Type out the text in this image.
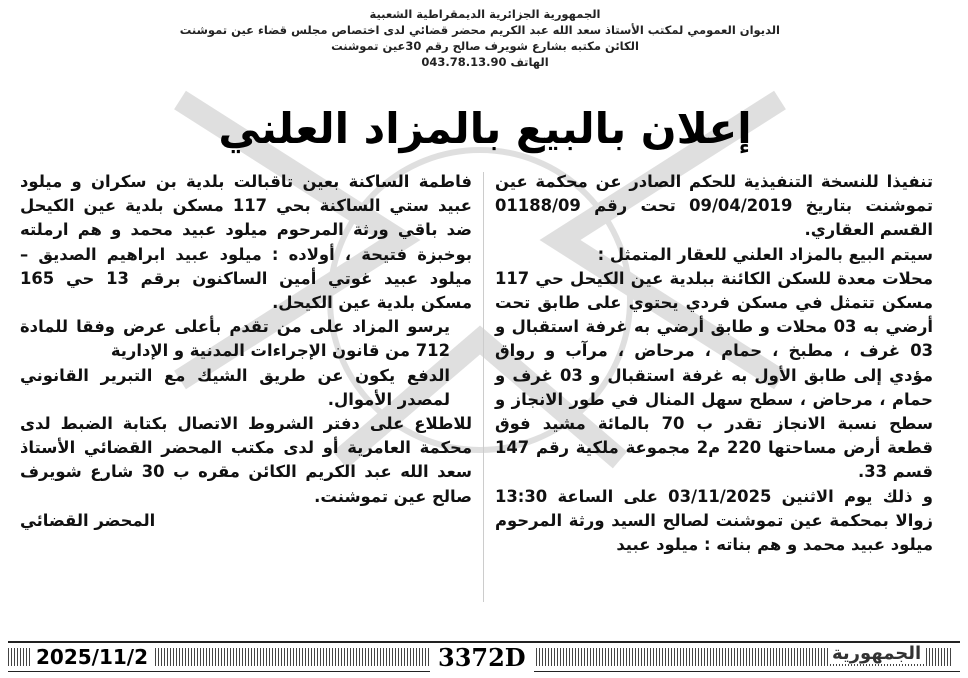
الجمهورية الجزائرية الديمقراطية الشعبية
الديوان العمومي لمكتب الأستاذ سعد الله عبد الكريم محضر قضائي لدى اختصاص مجلس قضاء عين تموشنت
الكائن مكتبه بشارع شويرف صالح رقم 30عين تموشنت
الهاتف 043.78.13.90
إعلان بالبيع بالمزاد العلني

تنفيذا للنسخة التنفيذية للحكم الصادر عن محكمة عين تموشنت بتاريخ 09/04/2019 تحت رقم 01188/09 القسم العقاري.

سيتم البيع بالمزاد العلني للعقار المتمثل :

محلات معدة للسكن الكائنة ببلدية عين الكيحل حي 117 مسكن تتمثل في مسكن فردي يحتوي على طابق تحت أرضي به 03 محلات و طابق أرضي به غرفة استقبال و 03 غرف ، مطبخ ، حمام ، مرحاض ، مرآب و رواق مؤدي إلى طابق الأول به غرفة استقبال و 03 غرف و حمام ، مرحاض ، سطح سهل المنال في طور الانجاز و سطح نسبة الانجاز تقدر ب 70 بالمائة مشيد فوق قطعة أرض مساحتها 220 م2 مجموعة ملكية رقم 147 قسم 33.

و ذلك يوم الاثنين 03/11/2025 على الساعة 13:30 زوالا بمحكمة عين تموشنت لصالح السيد ورثة المرحوم ميلود عبيد محمد و هم بناته : ميلود عبيد

فاطمة الساكنة بعين تاقبالت بلدية بن سكران و ميلود عبيد ستي الساكنة بحي 117 مسكن بلدية عين الكيحل ضد باقي ورثة المرحوم ميلود عبيد محمد و هم ارملته بوخبزة فتيحة ، أولاده : ميلود عبيد ابراهيم الصديق – ميلود عبيد غوتي أمين الساكنون برقم 13 حي 165 مسكن بلدية عين الكيحل.

يرسو المزاد على من تقدم بأعلى عرض وفقا للمادة 712 من قانون الإجراءات المدنية و الإدارية

الدفع يكون عن طريق الشيك مع التبرير القانوني لمصدر الأموال.

للاطلاع على دفتر الشروط الاتصال بكتابة الضبط لدى محكمة العامرية أو لدى مكتب المحضر القضائي الأستاذ سعد الله عبد الكريم الكائن مقره ب 30 شارع شويرف صالح عين تموشنت.

المحضر القضائي

2025/11/2	3372D	الجمهورية
